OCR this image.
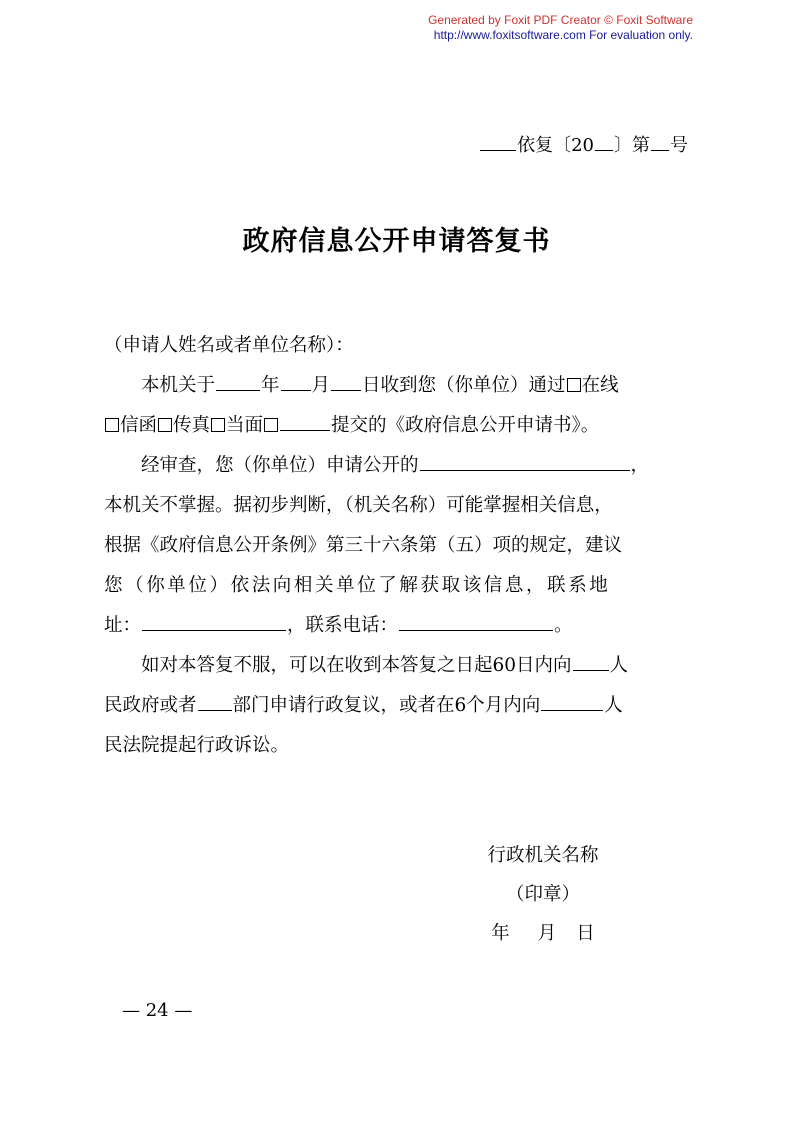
Generated by Foxit PDF Creator © Foxit Software
http://www.foxitsoftware.com For evaluation only.
依复〔20 〕第 号
政府信息公开申请答复书
（申请人姓名或者单位名称）：
本机关于 年 月 日收到您（你单位）通过 在线
信函 传真 当面	提交的《政府信息公开申请书》。
经审查，您（你单位）申请公开的	，
本机关不掌握。据初步判断，（机关名称）可能掌握相关信息，
根据《政府信息公开条例》第三十六条第（五）项的规定，建议
您（你单位）依法向相关单位了解获取该信息，联系地
址：	，联系电话：	。
如对本答复不服，可以在收到本答复之日起60日内向 人
民政府或者 部门申请行政复议，或者在6个月内向	人
民法院提起行政诉讼。
行政机关名称
（印章）
年 月 日
— 24 —
